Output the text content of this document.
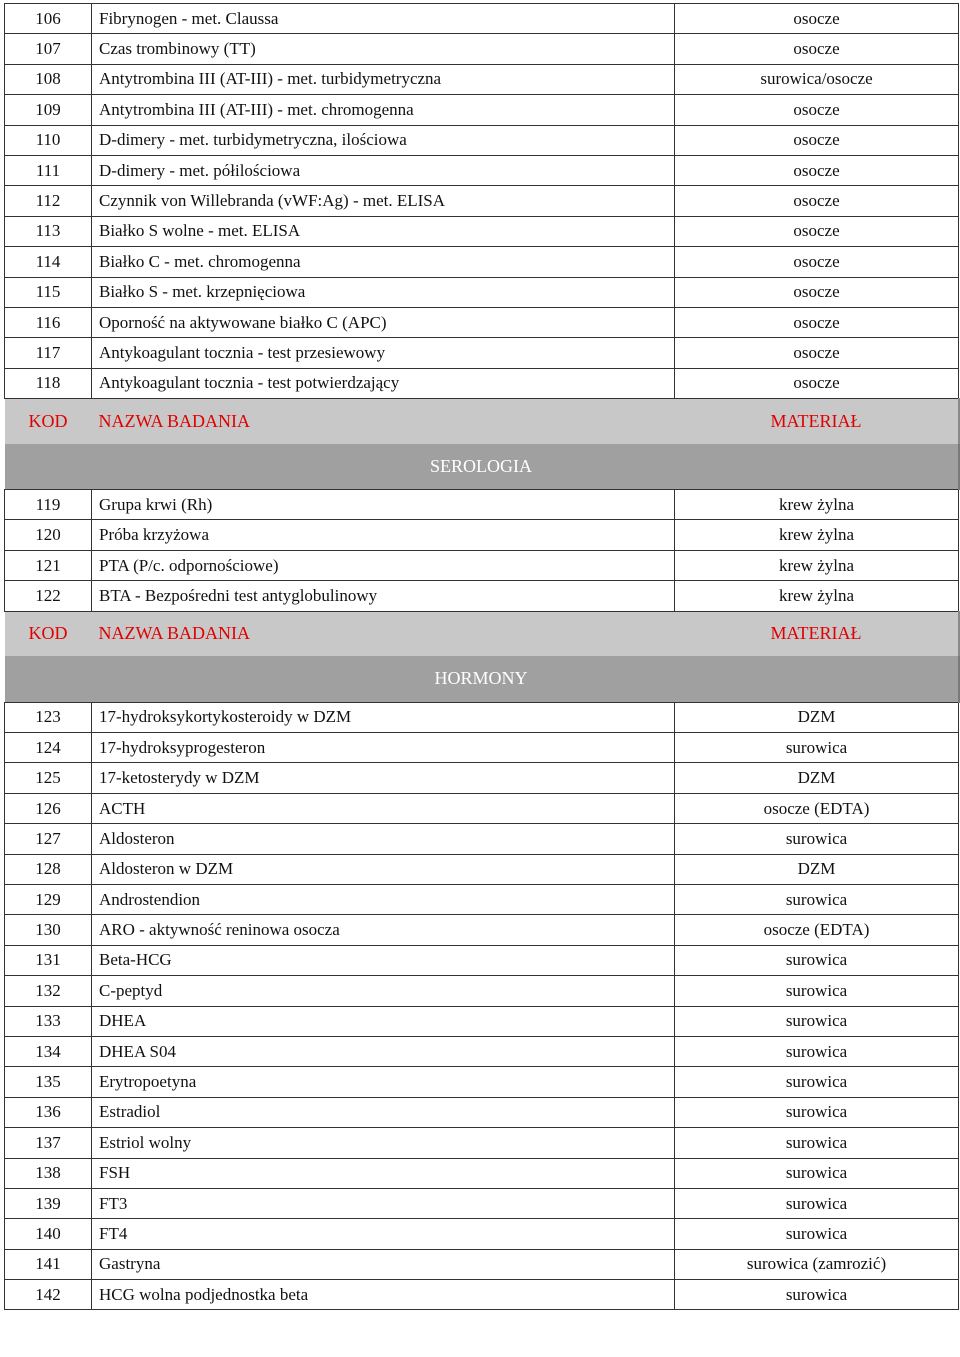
106	Fibrynogen - met. Claussa	osocze
107	Czas trombinowy (TT)	osocze
108	Antytrombina III (AT-III) - met. turbidymetryczna	surowica/osocze
109	Antytrombina III (AT-III) - met. chromogenna	osocze
110	D-dimery - met. turbidymetryczna, ilościowa	osocze
111	D-dimery - met. półilościowa	osocze
112	Czynnik von Willebranda (vWF:Ag) - met. ELISA	osocze
113	Białko S wolne - met. ELISA	osocze
114	Białko C - met. chromogenna	osocze
115	Białko S - met. krzepnięciowa	osocze
116	Oporność na aktywowane białko C (APC)	osocze
117	Antykoagulant tocznia - test przesiewowy	osocze
118	Antykoagulant tocznia - test potwierdzający	osocze
KOD	NAZWA BADANIA	MATERIAŁ
SEROLOGIA		
119	Grupa krwi (Rh)	krew żylna
120	Próba krzyżowa	krew żylna
121	PTA (P/c. odpornościowe)	krew żylna
122	BTA - Bezpośredni test antyglobulinowy	krew żylna
KOD	NAZWA BADANIA	MATERIAŁ
HORMONY		
123	17-hydroksykortykosteroidy w DZM	DZM
124	17-hydroksyprogesteron	surowica
125	17-ketosterydy w DZM	DZM
126	ACTH	osocze (EDTA)
127	Aldosteron	surowica
128	Aldosteron w DZM	DZM
129	Androstendion	surowica
130	ARO - aktywność reninowa osocza	osocze (EDTA)
131	Beta-HCG	surowica
132	C-peptyd	surowica
133	DHEA	surowica
134	DHEA S04	surowica
135	Erytropoetyna	surowica
136	Estradiol	surowica
137	Estriol wolny	surowica
138	FSH	surowica
139	FT3	surowica
140	FT4	surowica
141	Gastryna	surowica (zamrozić)
142	HCG wolna podjednostka beta	surowica
